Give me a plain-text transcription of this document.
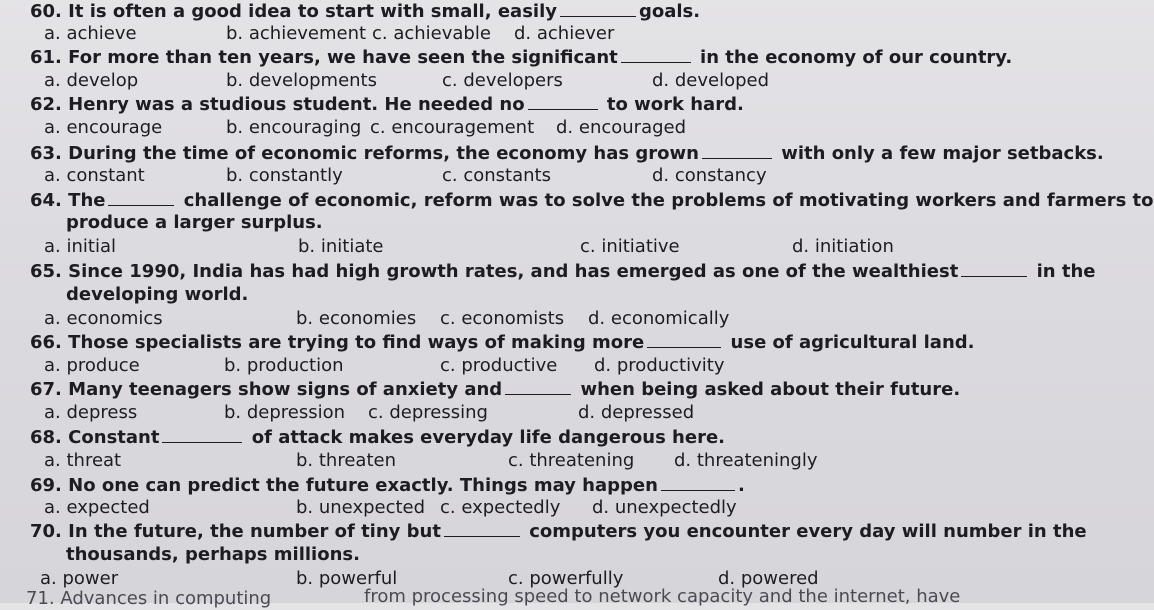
60. It is often a good idea to start with small, easily	goals.
a. achieve	b. achievement c. achievable d. achiever
61. For more than ten years, we have seen the significant	in the economy of our country.
a. develop	b. developments	c. developers	d. developed
62. Henry was a studious student. He needed no	to work hard.
a. encourage	b. encouraging c. encouragement d. encouraged
63. During the time of economic reforms, the economy has grown	with only a few major setbacks.
a. constant	b. constantly	c. constants	d. constancy
64. The	challenge of economic, reform was to solve the problems of motivating workers and farmers to
produce a larger surplus.
a. initial	b. initiate	c. initiative	d. initiation
65. Since 1990, India has had high growth rates, and has emerged as one of the wealthiest	in the
developing world.
a. economics	b. economies c. economists d. economically
66. Those specialists are trying to find ways of making more	use of agricultural land.
a. produce	b. production	c. productive d. productivity
67. Many teenagers show signs of anxiety and	when being asked about their future.
a. depress	b. depression c. depressing	d. depressed
68. Constant	of attack makes everyday life dangerous here.
a. threat	b. threaten	c. threatening d. threateningly
69. No one can predict the future exactly. Things may happen	.
a. expected	b. unexpected c. expectedly d. unexpectedly
70. In the future, the number of tiny but	computers you encounter every day will number in the
thousands, perhaps millions.
a. power	b. powerful	c. powerfully	d. powered
71. Advances in computing	from processing speed to network capacity and the internet, have
